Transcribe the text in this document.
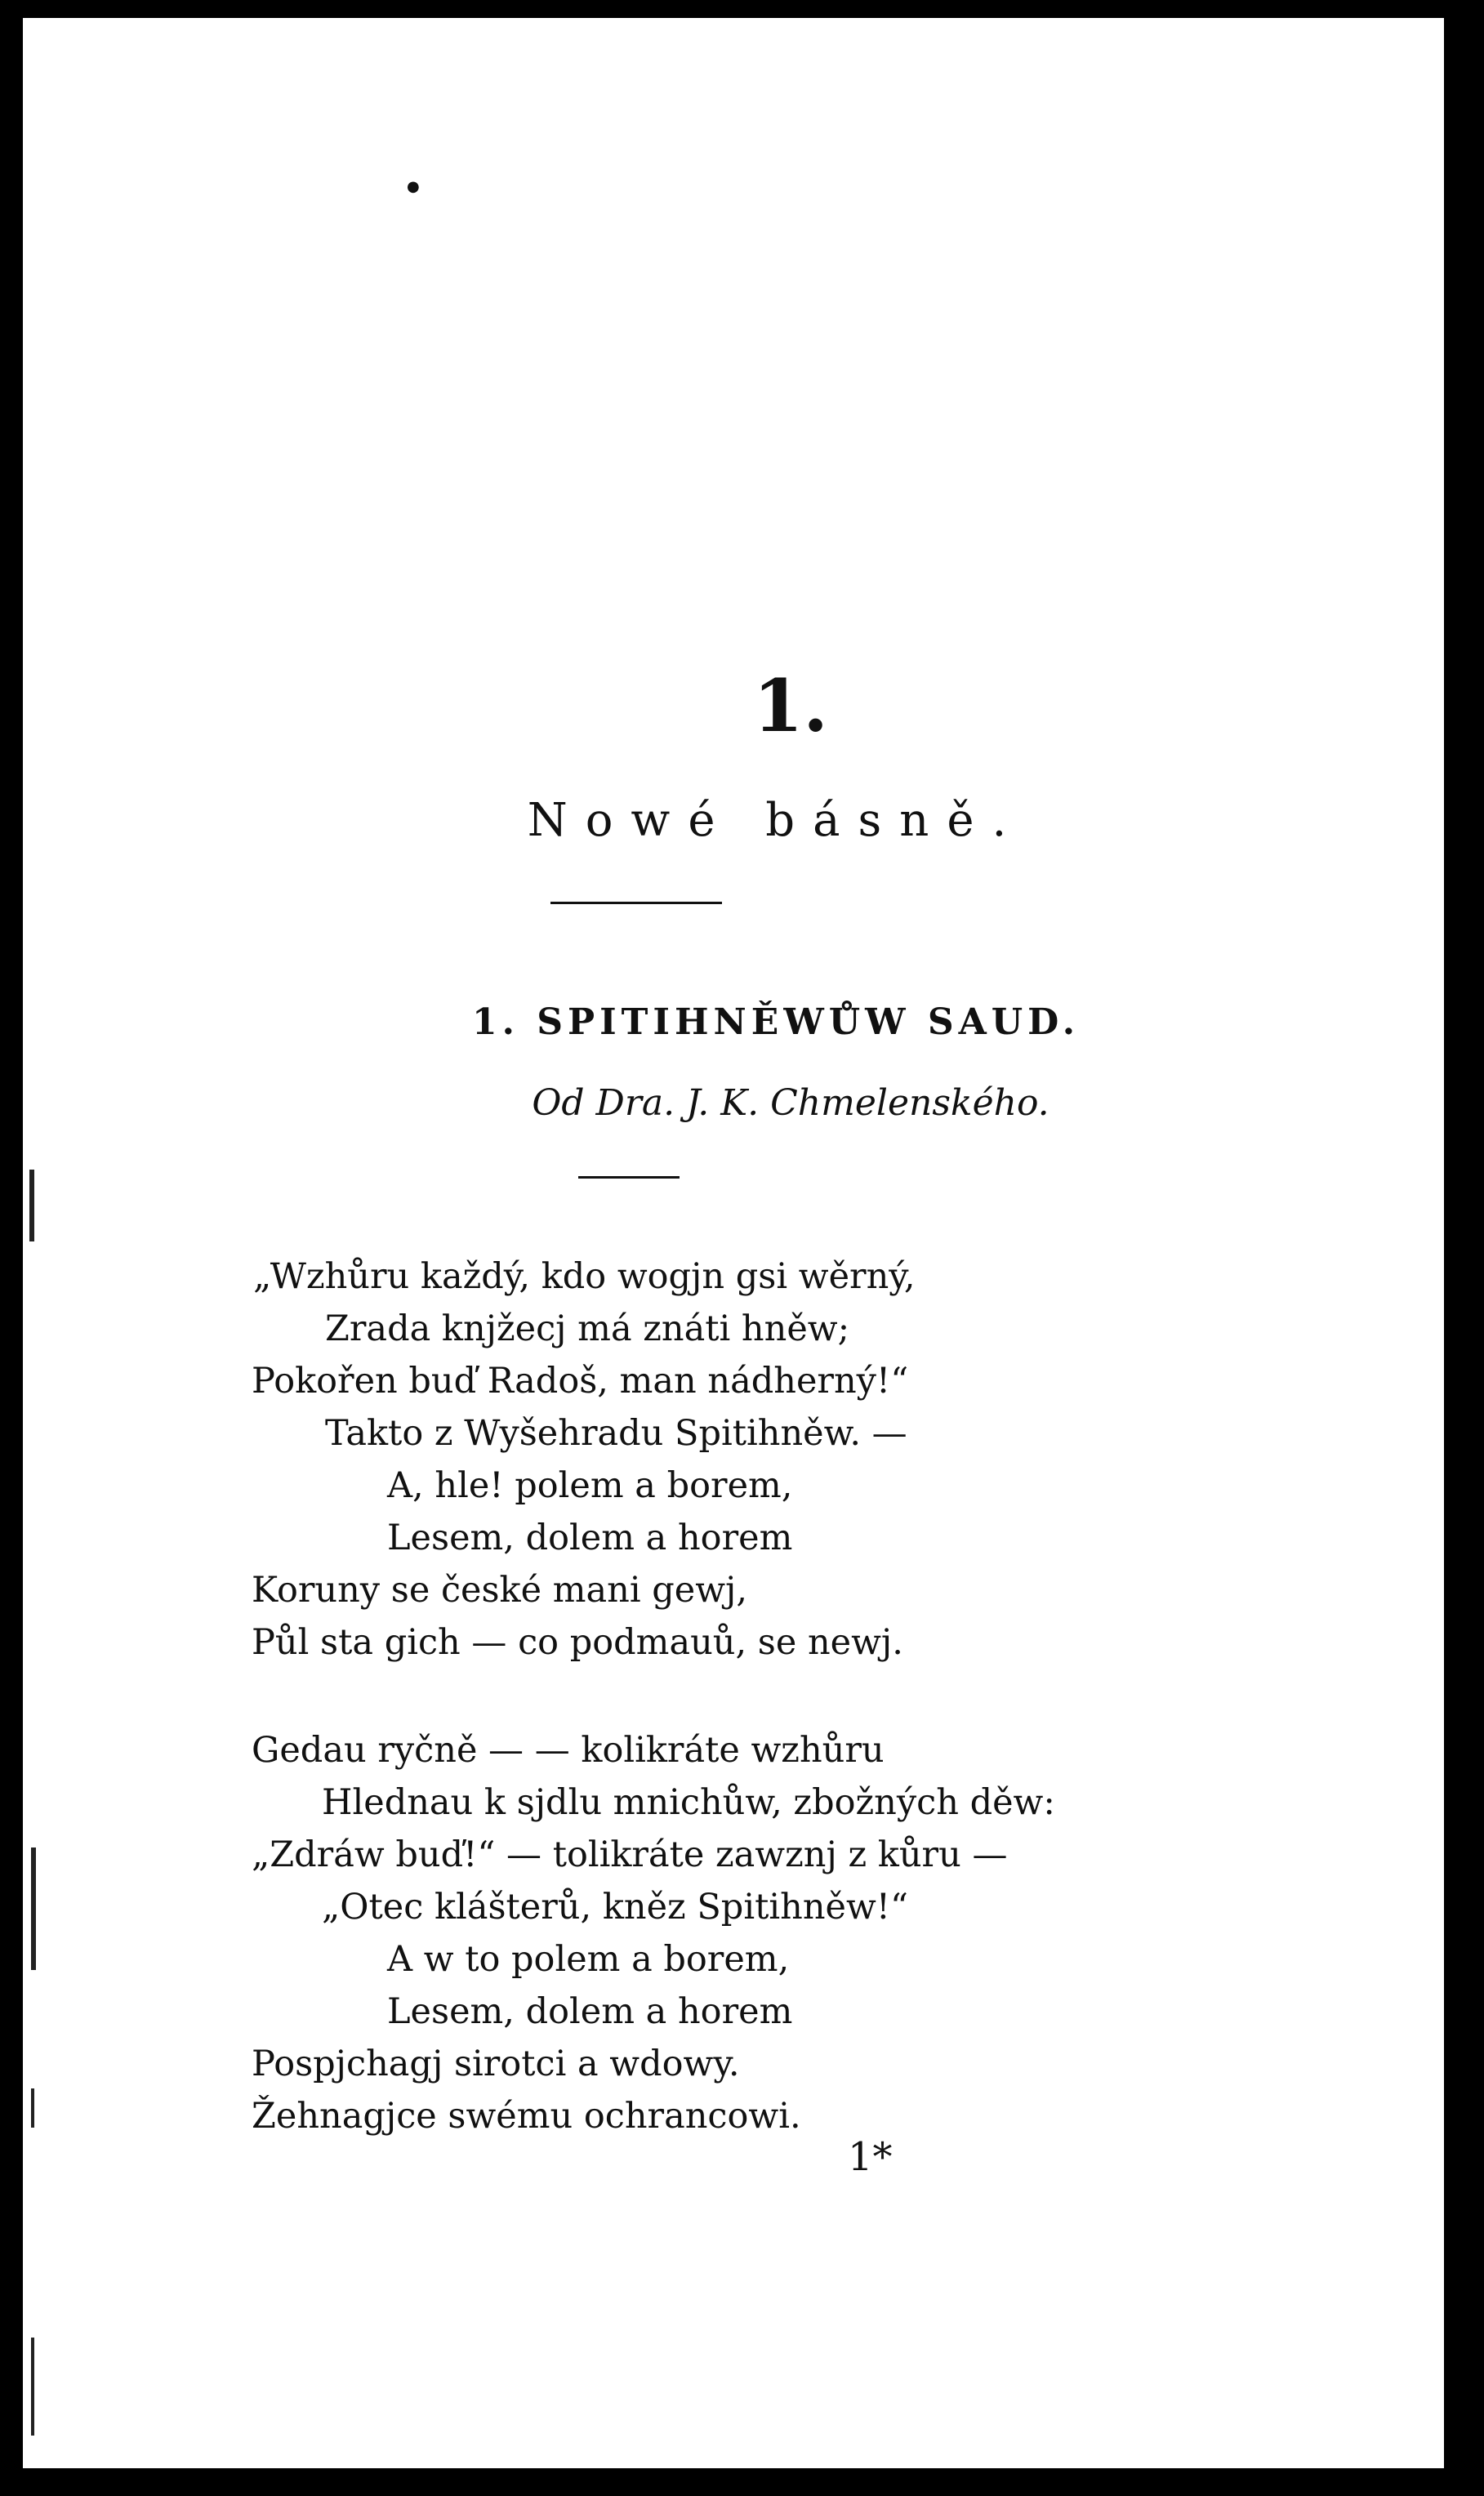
●
1.
Nowé básně.
1. SPITIHNĚWŮW SAUD.
Od Dra. J. K. Chmelenského.
„Wzhůru každý, kdo wogjn gsi wěrný,
Zrada knjžecj má znáti hněw;
Pokořen buď Radoš, man nádherný!“
Takto z Wyšehradu Spitihněw. —
A, hle! polem a borem,
Lesem, dolem a horem
Koruny se české mani gewj,
Půl sta gich — co podmauů, se newj.
Gedau ryčně — — kolikráte wzhůru
Hlednau k sjdlu mnichůw, zbožných děw:
„Zdráw buď!“ — tolikráte zawznj z kůru —
„Otec klášterů, kněz Spitihněw!“
A w to polem a borem,
Lesem, dolem a horem
Pospjchagj sirotci a wdowy.
Žehnagjce swému ochrancowi.
1*
